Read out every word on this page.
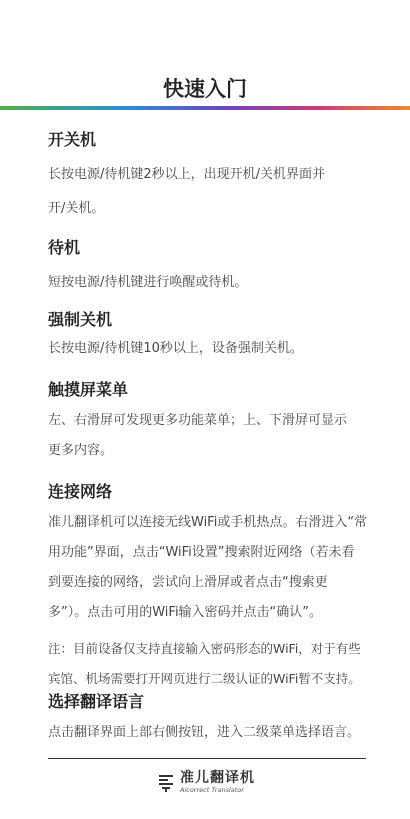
快速入门

开关机

长按电源/待机键2秒以上，出现开机/关机界面并

开/关机。

待机

短按电源/待机键进行唤醒或待机。

强制关机

长按电源/待机键10秒以上，设备强制关机。

触摸屏菜单

左、右滑屏可发现更多功能菜单；上、下滑屏可显示

更多内容。

连接网络

准儿翻译机可以连接无线WiFi或手机热点。右滑进入“常

用功能”界面，点击“WiFi设置”搜索附近网络（若未看

到要连接的网络，尝试向上滑屏或者点击“搜索更

多”）。点击可用的WiFi输入密码并点击“确认”。

注：目前设备仅支持直接输入密码形态的WiFi，对于有些

宾馆、机场需要打开网页进行二级认证的WiFi暂不支持。

选择翻译语言

点击翻译界面上部右侧按钮，进入二级菜单选择语言。

准儿翻译机
Aicorrect Translator
